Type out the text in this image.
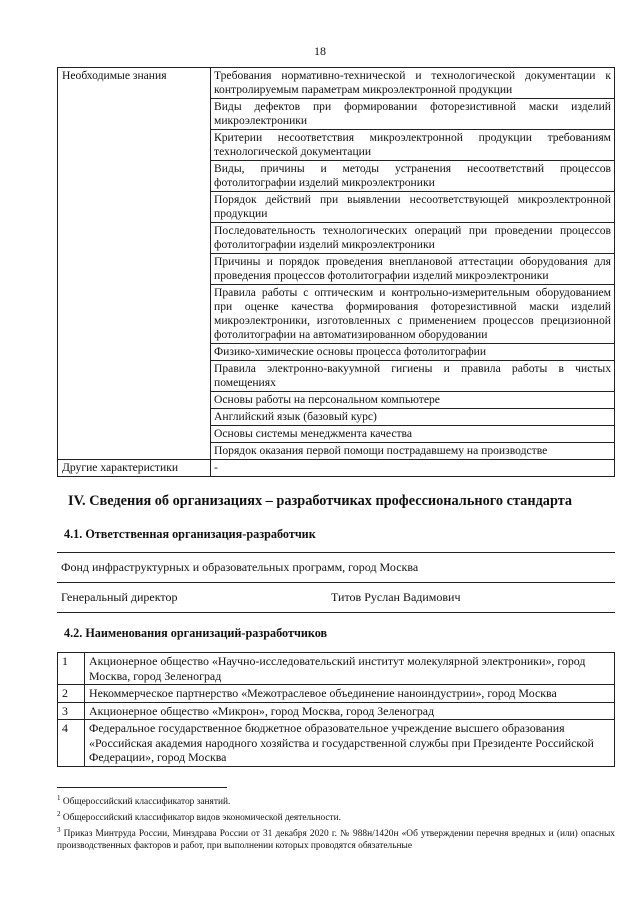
18
Необходимые знания	Требования нормативно-технической и технологической документации к контролируемым параметрам микроэлектронной продукции
	Виды дефектов при формировании фоторезистивной маски изделий микроэлектроники
	Критерии несоответствия микроэлектронной продукции требованиям технологической документации
	Виды, причины и методы устранения несоответствий процессов фотолитографии изделий микроэлектроники
	Порядок действий при выявлении несоответствующей микроэлектронной продукции
	Последовательность технологических операций при проведении процессов фотолитографии изделий микроэлектроники
	Причины и порядок проведения внеплановой аттестации оборудования для проведения процессов фотолитографии изделий микроэлектроники
	Правила работы с оптическим и контрольно-измерительным оборудованием при оценке качества формирования фоторезистивной маски изделий микроэлектроники, изготовленных с применением процессов прецизионной фотолитографии на автоматизированном оборудовании
	Физико-химические основы процесса фотолитографии
	Правила электронно-вакуумной гигиены и правила работы в чистых помещениях
	Основы работы на персональном компьютере
	Английский язык (базовый курс)
	Основы системы менеджмента качества
	Порядок оказания первой помощи пострадавшему на производстве
Другие характеристики	-
IV. Сведения об организациях – разработчиках профессионального стандарта
4.1. Ответственная организация-разработчик
Фонд инфраструктурных и образовательных программ, город Москва
Генеральный директор	Титов Руслан Вадимович
4.2. Наименования организаций-разработчиков
1	Акционерное общество «Научно-исследовательский институт молекулярной электроники», город Москва, город Зеленоград
2	Некоммерческое партнерство «Межотраслевое объединение наноиндустрии», город Москва
3	Акционерное общество «Микрон», город Москва, город Зеленоград
4	Федеральное государственное бюджетное образовательное учреждение высшего образования «Российская академия народного хозяйства и государственной службы при Президенте Российской Федерации», город Москва

$^1$ Общероссийский классификатор занятий.

$^2$ Общероссийский классификатор видов экономической деятельности.

$^3$ Приказ Минтруда России, Минздрава России от 31 декабря 2020 г. № 988н/1420н «Об утверждении перечня вредных и (или) опасных производственных факторов и работ, при выполнении которых проводятся обязательные
